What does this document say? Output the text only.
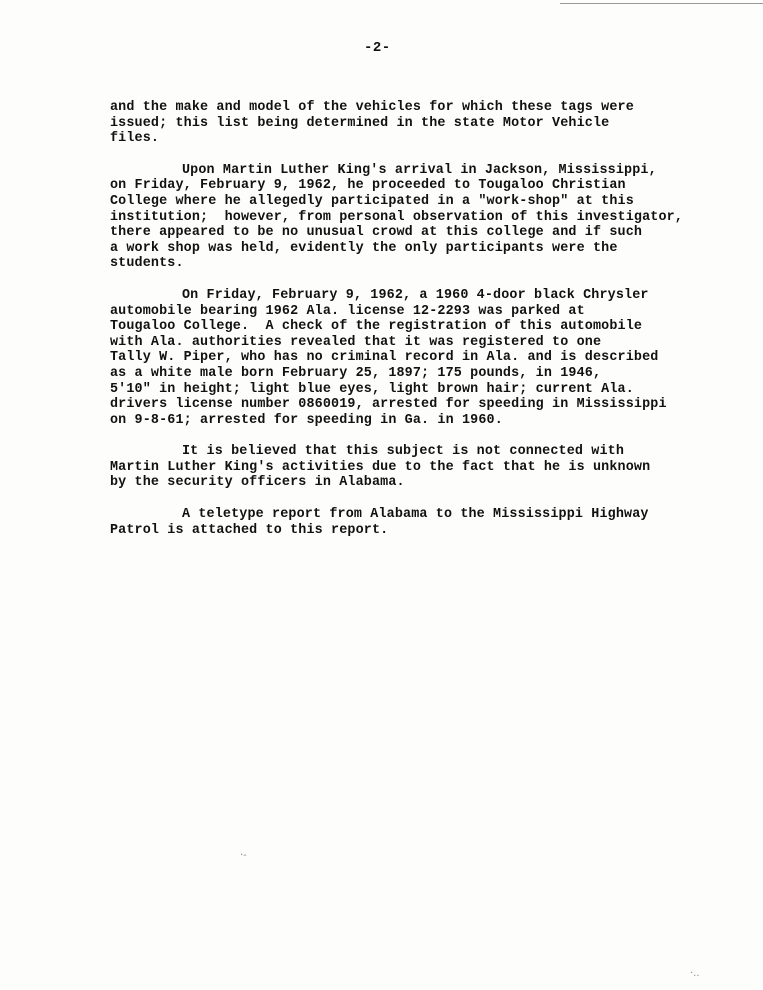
-2-
and the make and model of the vehicles for which these tags were
issued; this list being determined in the state Motor Vehicle
files.
Upon Martin Luther King's arrival in Jackson, Mississippi,
on Friday, February 9, 1962, he proceeded to Tougaloo Christian
College where he allegedly participated in a "work-shop" at this
institution;  however, from personal observation of this investigator,
there appeared to be no unusual crowd at this college and if such
a work shop was held, evidently the only participants were the
students.
On Friday, February 9, 1962, a 1960 4-door black Chrysler
automobile bearing 1962 Ala. license 12-2293 was parked at
Tougaloo College.  A check of the registration of this automobile
with Ala. authorities revealed that it was registered to one
Tally W. Piper, who has no criminal record in Ala. and is described
as a white male born February 25, 1897; 175 pounds, in 1946,
5'10" in height; light blue eyes, light brown hair; current Ala.
drivers license number 0860019, arrested for speeding in Mississippi
on 9-8-61; arrested for speeding in Ga. in 1960.
It is believed that this subject is not connected with
Martin Luther King's activities due to the fact that he is unknown
by the security officers in Alabama.
A teletype report from Alabama to the Mississippi Highway
Patrol is attached to this report.
·-
·..
